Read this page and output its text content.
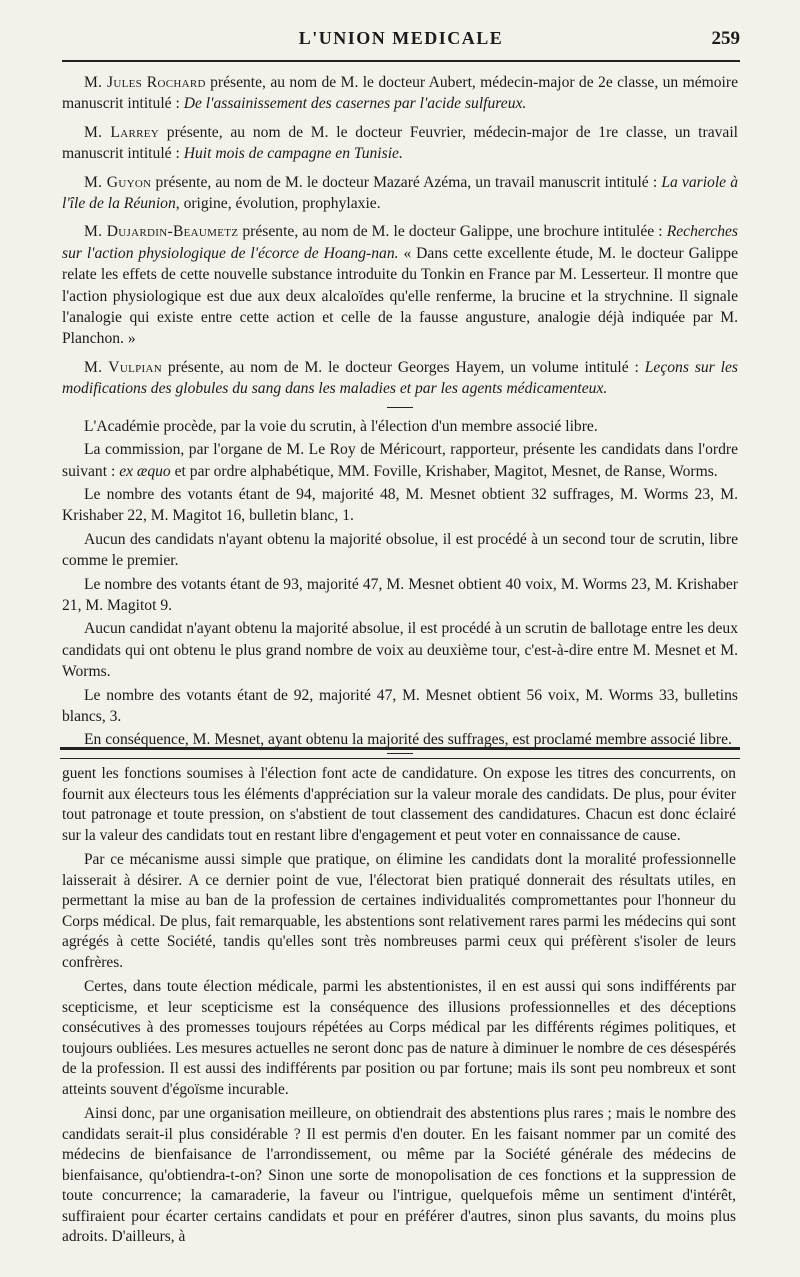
L'UNION MEDICALE	259

M. Jules Rochard présente, au nom de M. le docteur Aubert, médecin-major de 2e classe, un mémoire manuscrit intitulé : De l'assainissement des casernes par l'acide sulfureux.

M. Larrey présente, au nom de M. le docteur Feuvrier, médecin-major de 1re classe, un travail manuscrit intitulé : Huit mois de campagne en Tunisie.

M. Guyon présente, au nom de M. le docteur Mazaré Azéma, un travail manuscrit intitulé : La variole à l'île de la Réunion, origine, évolution, prophylaxie.

M. Dujardin-Beaumetz présente, au nom de M. le docteur Galippe, une brochure intitulée : Recherches sur l'action physiologique de l'écorce de Hoang-nan. « Dans cette excellente étude, M. le docteur Galippe relate les effets de cette nouvelle substance introduite du Tonkin en France par M. Lesserteur. Il montre que l'action physiologique est due aux deux alcaloïdes qu'elle renferme, la brucine et la strychnine. Il signale l'analogie qui existe entre cette action et celle de la fausse angusture, analogie déjà indiquée par M. Planchon. »

M. Vulpian présente, au nom de M. le docteur Georges Hayem, un volume intitulé : Leçons sur les modifications des globules du sang dans les maladies et par les agents médicamenteux.

L'Académie procède, par la voie du scrutin, à l'élection d'un membre associé libre.

La commission, par l'organe de M. Le Roy de Méricourt, rapporteur, présente les candidats dans l'ordre suivant : ex æquo et par ordre alphabétique, MM. Foville, Krishaber, Magitot, Mesnet, de Ranse, Worms.

Le nombre des votants étant de 94, majorité 48, M. Mesnet obtient 32 suffrages, M. Worms 23, M. Krishaber 22, M. Magitot 16, bulletin blanc, 1.

Aucun des candidats n'ayant obtenu la majorité obsolue, il est procédé à un second tour de scrutin, libre comme le premier.

Le nombre des votants étant de 93, majorité 47, M. Mesnet obtient 40 voix, M. Worms 23, M. Krishaber 21, M. Magitot 9.

Aucun candidat n'ayant obtenu la majorité absolue, il est procédé à un scrutin de ballotage entre les deux candidats qui ont obtenu le plus grand nombre de voix au deuxième tour, c'est-à-dire entre M. Mesnet et M. Worms.

Le nombre des votants étant de 92, majorité 47, M. Mesnet obtient 56 voix, M. Worms 33, bulletins blancs, 3.

En conséquence, M. Mesnet, ayant obtenu la majorité des suffrages, est proclamé membre associé libre.

guent les fonctions soumises à l'élection font acte de candidature. On expose les titres des concurrents, on fournit aux électeurs tous les éléments d'appréciation sur la valeur morale des candidats. De plus, pour éviter tout patronage et toute pression, on s'abstient de tout classement des candidatures. Chacun est donc éclairé sur la valeur des candidats tout en restant libre d'engagement et peut voter en connaissance de cause.

Par ce mécanisme aussi simple que pratique, on élimine les candidats dont la moralité professionnelle laisserait à désirer. A ce dernier point de vue, l'électorat bien pratiqué donnerait des résultats utiles, en permettant la mise au ban de la profession de certaines individualités compromettantes pour l'honneur du Corps médical. De plus, fait remarquable, les abstentions sont relativement rares parmi les médecins qui sont agrégés à cette Société, tandis qu'elles sont très nombreuses parmi ceux qui préfèrent s'isoler de leurs confrères.

Certes, dans toute élection médicale, parmi les abstentionistes, il en est aussi qui sons indifférents par scepticisme, et leur scepticisme est la conséquence des illusions professionnelles et des déceptions consécutives à des promesses toujours répétées au Corps médical par les différents régimes politiques, et toujours oubliées. Les mesures actuelles ne seront donc pas de nature à diminuer le nombre de ces désespérés de la profession. Il est aussi des indifférents par position ou par fortune; mais ils sont peu nombreux et sont atteints souvent d'égoïsme incurable.

Ainsi donc, par une organisation meilleure, on obtiendrait des abstentions plus rares ; mais le nombre des candidats serait-il plus considérable ? Il est permis d'en douter. En les faisant nommer par un comité des médecins de bienfaisance de l'arrondissement, ou même par la Société générale des médecins de bienfaisance, qu'obtiendra-t-on? Sinon une sorte de monopolisation de ces fonctions et la suppression de toute concurrence; la camaraderie, la faveur ou l'intrigue, quelquefois même un sentiment d'intérêt, suffiraient pour écarter certains candidats et pour en préférer d'autres, sinon plus savants, du moins plus adroits. D'ailleurs, à
